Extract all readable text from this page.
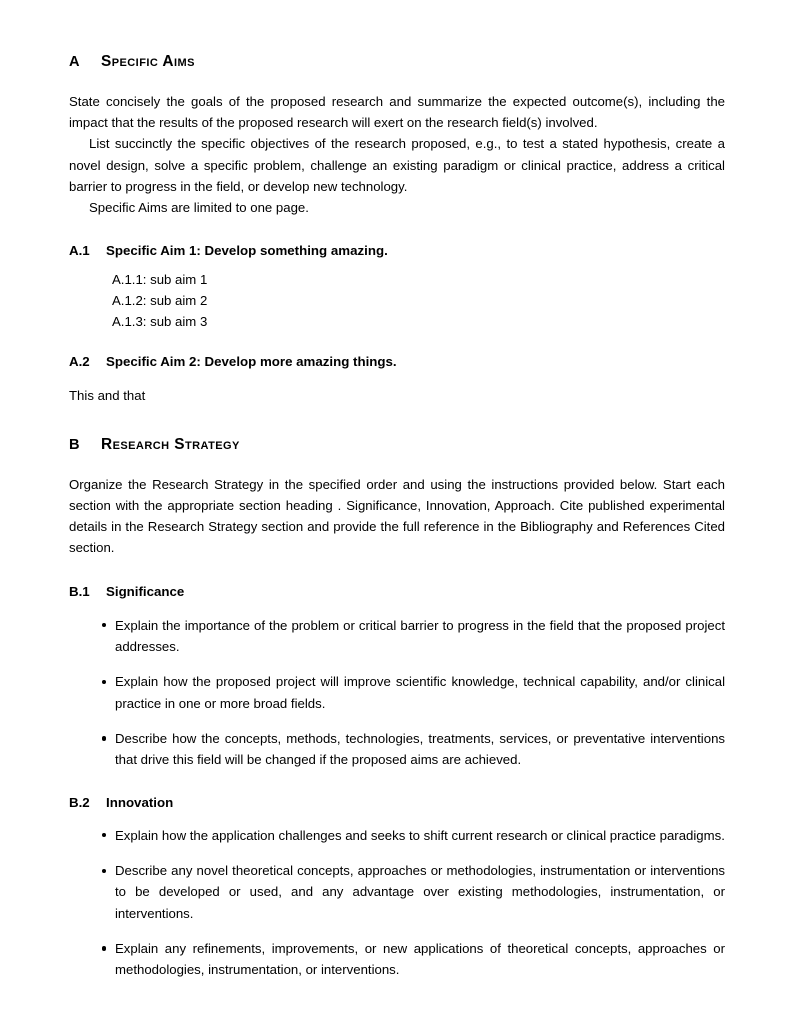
A	Specific Aims

State concisely the goals of the proposed research and summarize the expected outcome(s), including the impact that the results of the proposed research will exert on the research field(s) involved.

List succinctly the specific objectives of the research proposed, e.g., to test a stated hypothesis, create a novel design, solve a specific problem, challenge an existing paradigm or clinical practice, address a critical barrier to progress in the field, or develop new technology.

Specific Aims are limited to one page.

A.1	Specific Aim 1: Develop something amazing.
A.1.1: sub aim 1
A.1.2: sub aim 2
A.1.3: sub aim 3
A.2	Specific Aim 2: Develop more amazing things.

This and that

B	Research Strategy

Organize the Research Strategy in the specified order and using the instructions provided below. Start each section with the appropriate section heading . Significance, Innovation, Approach. Cite published experimental details in the Research Strategy section and provide the full reference in the Bibliography and References Cited section.

B.1	Significance
Explain the importance of the problem or critical barrier to progress in the field that the proposed project addresses.
Explain how the proposed project will improve scientific knowledge, technical capability, and/or clinical practice in one or more broad fields.
Describe how the concepts, methods, technologies, treatments, services, or preventative interventions that drive this field will be changed if the proposed aims are achieved.
B.2	Innovation
Explain how the application challenges and seeks to shift current research or clinical practice paradigms.
Describe any novel theoretical concepts, approaches or methodologies, instrumentation or interventions to be developed or used, and any advantage over existing methodologies, instrumentation, or interventions.
Explain any refinements, improvements, or new applications of theoretical concepts, approaches or methodologies, instrumentation, or interventions.
